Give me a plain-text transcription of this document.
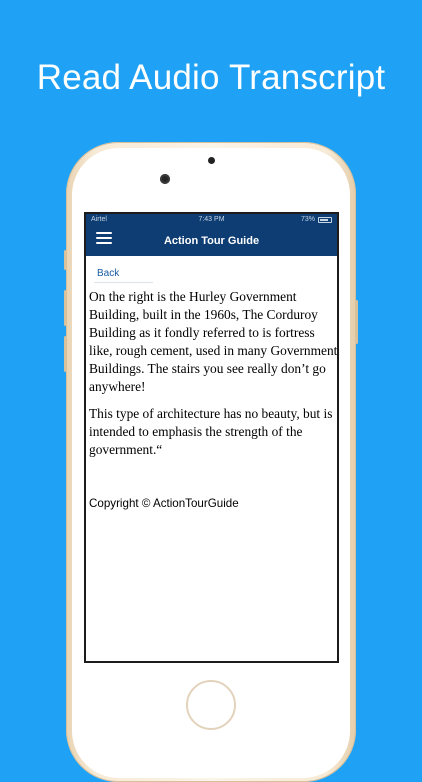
Read Audio Transcript
Airtel	7:43 PM	73%
Action Tour Guide
Back

On the right is the Hurley Government Building, built in the 1960s, The Corduroy Building as it fondly referred to is fortress like, rough cement, used in many Government Buildings. The stairs you see really don’t go anywhere!

This type of architecture has no beauty, but is intended to emphasis the strength of the government.“

Copyright © ActionTourGuide
